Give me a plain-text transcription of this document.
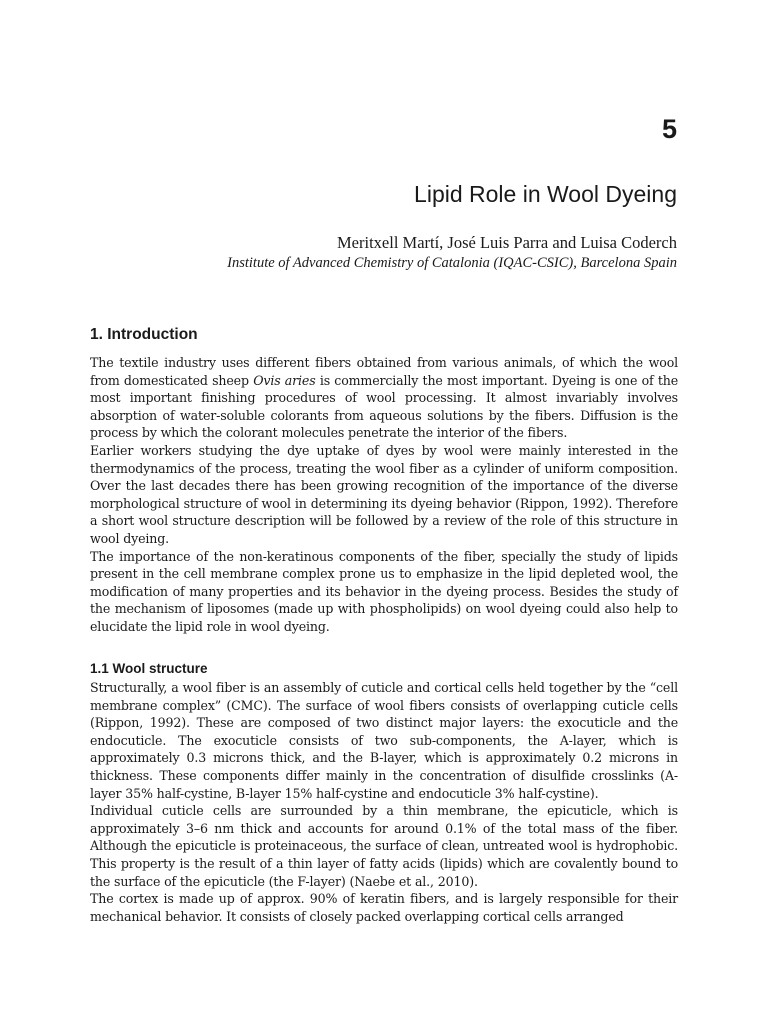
5
Lipid Role in Wool Dyeing

Meritxell Martí, José Luis Parra and Luisa Coderch

Institute of Advanced Chemistry of Catalonia (IQAC-CSIC), Barcelona Spain

1. Introduction

The textile industry uses different fibers obtained from various animals, of which the wool from domesticated sheep Ovis aries is commercially the most important. Dyeing is one of the most important finishing procedures of wool processing. It almost invariably involves absorption of water-soluble colorants from aqueous solutions by the fibers. Diffusion is the process by which the colorant molecules penetrate the interior of the fibers.

Earlier workers studying the dye uptake of dyes by wool were mainly interested in the thermodynamics of the process, treating the wool fiber as a cylinder of uniform composition. Over the last decades there has been growing recognition of the importance of the diverse morphological structure of wool in determining its dyeing behavior (Rippon, 1992). Therefore a short wool structure description will be followed by a review of the role of this structure in wool dyeing.

The importance of the non-keratinous components of the fiber, specially the study of lipids present in the cell membrane complex prone us to emphasize in the lipid depleted wool, the modification of many properties and its behavior in the dyeing process. Besides the study of the mechanism of liposomes (made up with phospholipids) on wool dyeing could also help to elucidate the lipid role in wool dyeing.

1.1 Wool structure

Structurally, a wool fiber is an assembly of cuticle and cortical cells held together by the “cell membrane complex” (CMC). The surface of wool fibers consists of overlapping cuticle cells (Rippon, 1992). These are composed of two distinct major layers: the exocuticle and the endocuticle. The exocuticle consists of two sub-components, the A-layer, which is approximately 0.3 microns thick, and the B-layer, which is approximately 0.2 microns in thickness. These components differ mainly in the concentration of disulfide crosslinks (A-layer 35% half-cystine, B-layer 15% half-cystine and endocuticle 3% half-cystine).

Individual cuticle cells are surrounded by a thin membrane, the epicuticle, which is approximately 3–6 nm thick and accounts for around 0.1% of the total mass of the fiber. Although the epicuticle is proteinaceous, the surface of clean, untreated wool is hydrophobic. This property is the result of a thin layer of fatty acids (lipids) which are covalently bound to the surface of the epicuticle (the F-layer) (Naebe et al., 2010).

The cortex is made up of approx. 90% of keratin fibers, and is largely responsible for their mechanical behavior. It consists of closely packed overlapping cortical cells arranged
